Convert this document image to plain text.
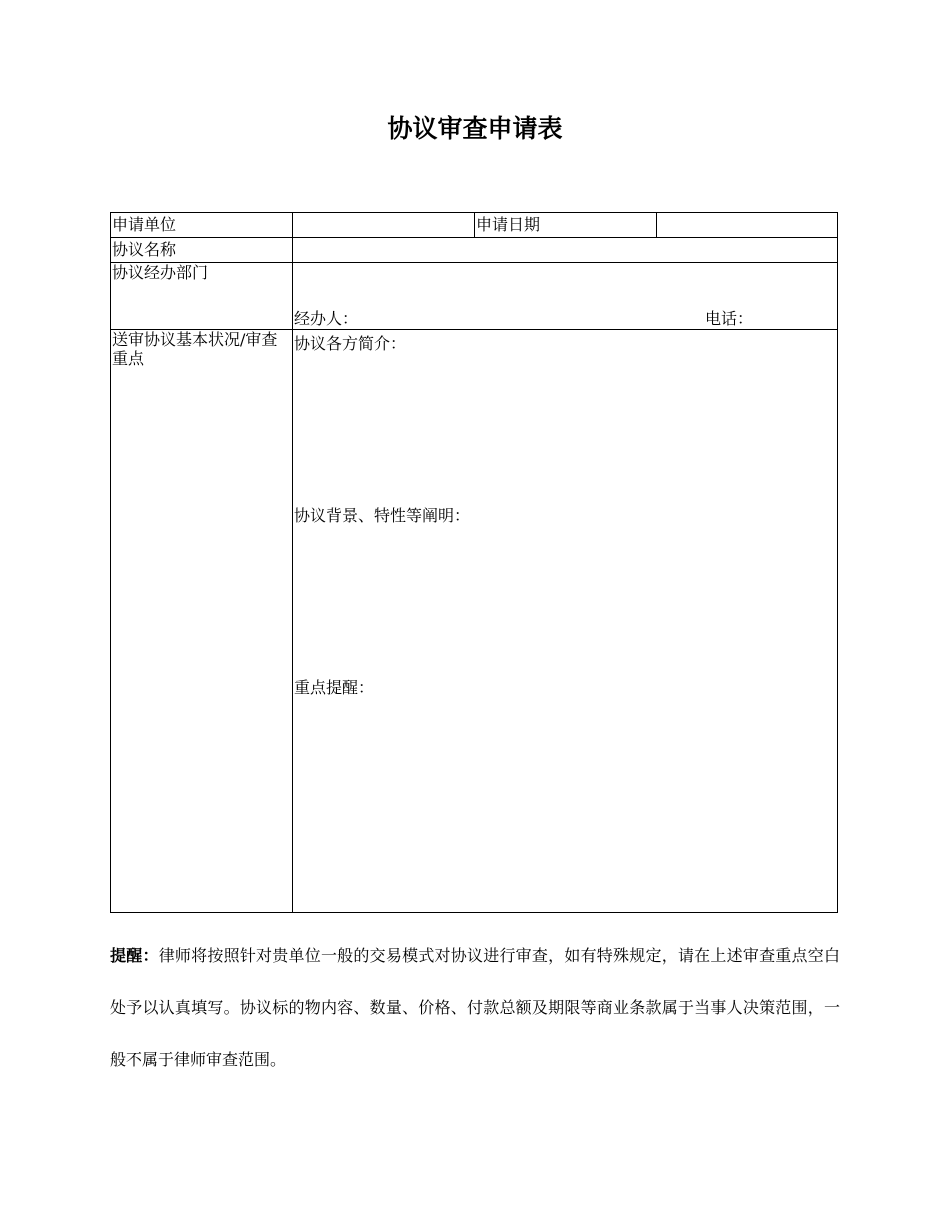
协议审查申请表
申请单位		申请日期	
协议名称			
协议经办部门	经办人： 电话：		

送审协议基本状况/审查重点	协议各方简介：
协议背景、特性等阐明：
重点提醒：		
提醒：律师将按照针对贵单位一般的交易模式对协议进行审查，如有特殊规定，请在上述审查重点空白处予以认真填写。协议标的物内容、数量、价格、付款总额及期限等商业条款属于当事人决策范围，一般不属于律师审查范围。
